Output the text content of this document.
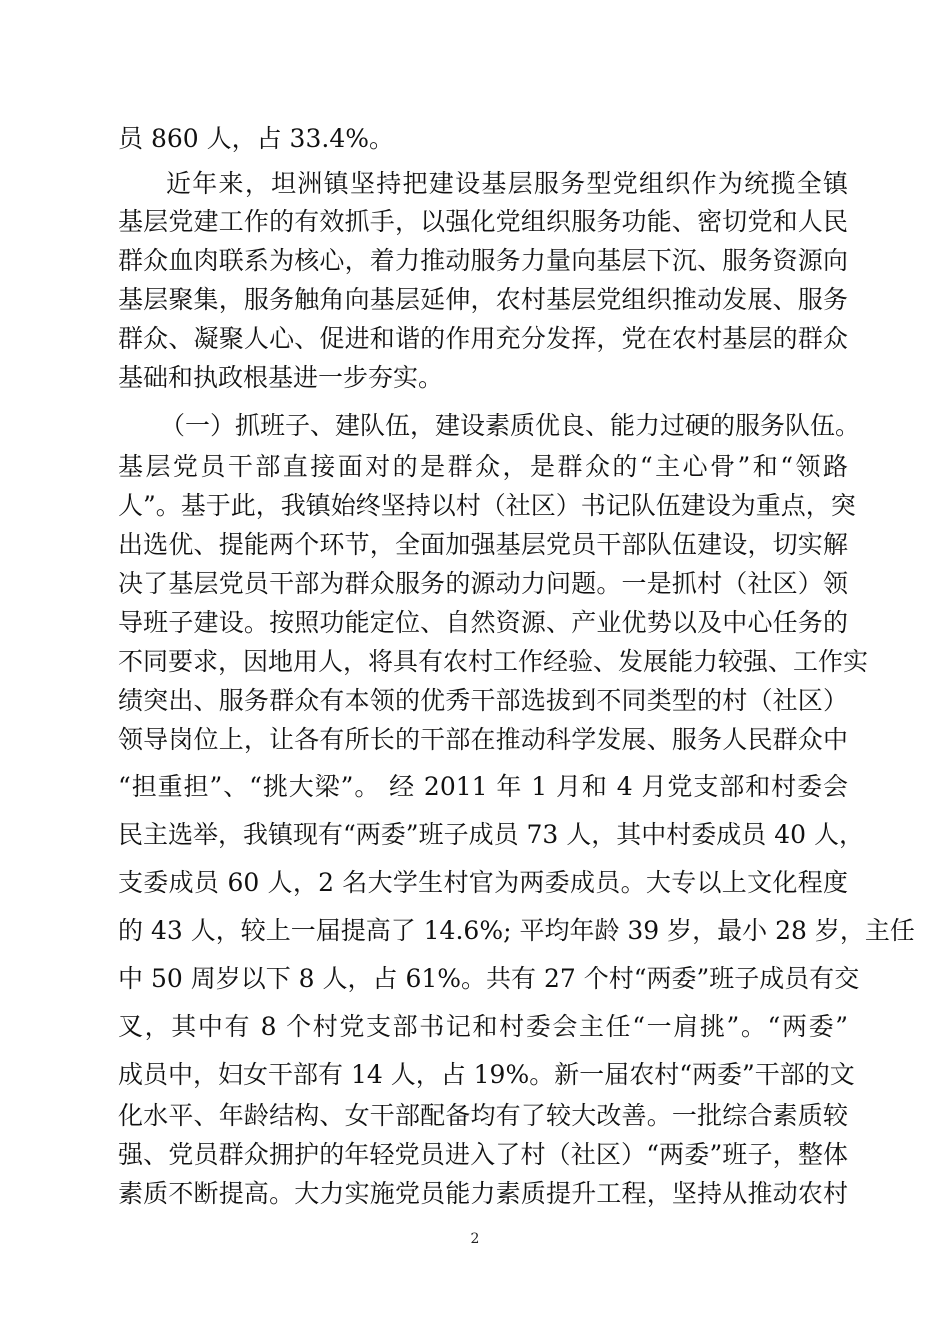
员 860 人，占 33.4%。
近年来，坦洲镇坚持把建设基层服务型党组织作为统揽全镇
基层党建工作的有效抓手，以强化党组织服务功能、密切党和人民
群众血肉联系为核心，着力推动服务力量向基层下沉、服务资源向
基层聚集，服务触角向基层延伸，农村基层党组织推动发展、服务
群众、凝聚人心、促进和谐的作用充分发挥，党在农村基层的群众
基础和执政根基进一步夯实。
（一）抓班子、建队伍，建设素质优良、能力过硬的服务队伍。
基层党员干部直接面对的是群众，是群众的“主心骨”和“领路
人”。基于此，我镇始终坚持以村（社区）书记队伍建设为重点，突
出选优、提能两个环节，全面加强基层党员干部队伍建设，切实解
决了基层党员干部为群众服务的源动力问题。一是抓村（社区）领
导班子建设。按照功能定位、自然资源、产业优势以及中心任务的
不同要求，因地用人，将具有农村工作经验、发展能力较强、工作实
绩突出、服务群众有本领的优秀干部选拔到不同类型的村（社区）
领导岗位上，让各有所长的干部在推动科学发展、服务人民群众中
“担重担”、“挑大梁”。 经 2011 年 1 月和 4 月党支部和村委会
民主选举，我镇现有“两委”班子成员 73 人，其中村委成员 40 人，
支委成员 60 人，2 名大学生村官为两委成员。大专以上文化程度
的 43 人，较上一届提高了 14.6%; 平均年龄 39 岁，最小 28 岁，主任
中 50 周岁以下 8 人，占 61%。共有 27 个村“两委”班子成员有交
叉，其中有 8 个村党支部书记和村委会主任“一肩挑”。“两委”
成员中，妇女干部有 14 人，占 19%。新一届农村“两委”干部的文
化水平、年龄结构、女干部配备均有了较大改善。一批综合素质较
强、党员群众拥护的年轻党员进入了村（社区）“两委”班子，整体
素质不断提高。大力实施党员能力素质提升工程，坚持从推动农村
2
